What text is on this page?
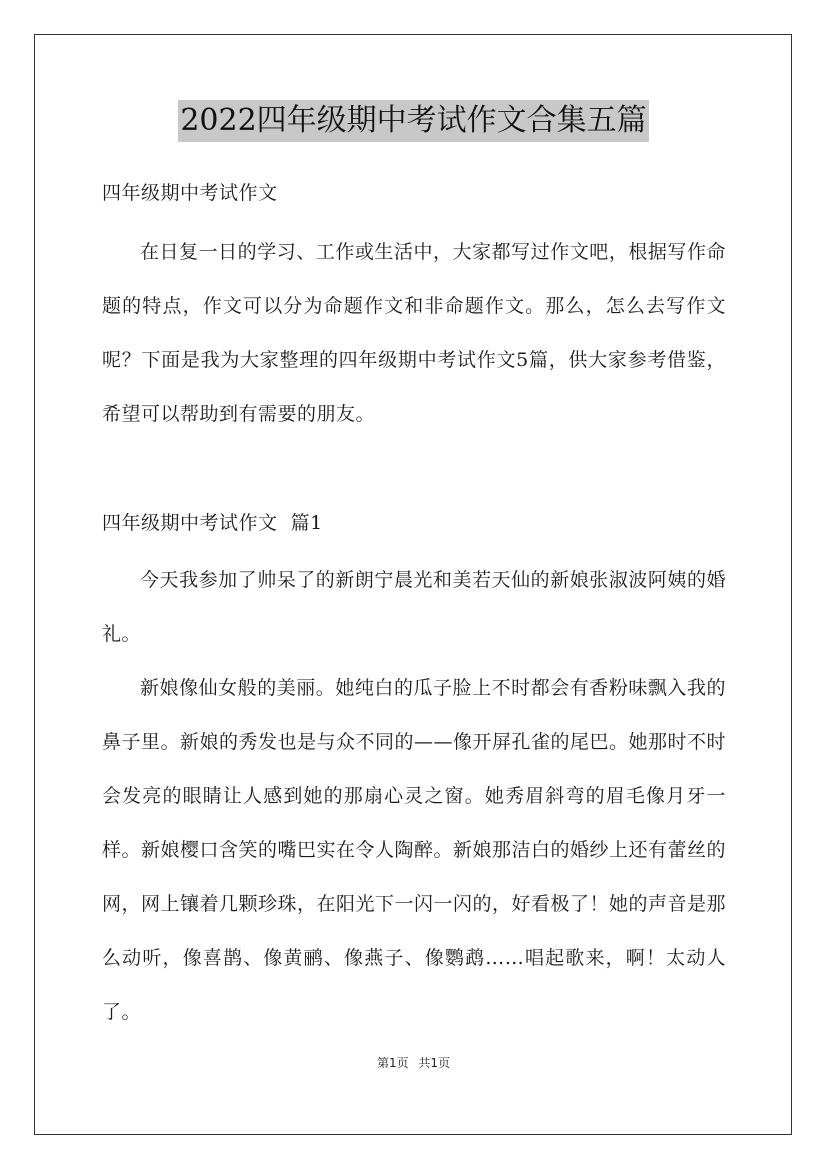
2022四年级期中考试作文合集五篇

四年级期中考试作文

在日复一日的学习、工作或生活中，大家都写过作文吧，根据写作命题的特点，作文可以分为命题作文和非命题作文。那么，怎么去写作文呢？下面是我为大家整理的四年级期中考试作文5篇，供大家参考借鉴，希望可以帮助到有需要的朋友。

四年级期中考试作文  篇1

今天我参加了帅呆了的新朗宁晨光和美若天仙的新娘张淑波阿姨的婚礼。

新娘像仙女般的美丽。她纯白的瓜子脸上不时都会有香粉味飘入我的鼻子里。新娘的秀发也是与众不同的——像开屏孔雀的尾巴。她那时不时会发亮的眼睛让人感到她的那扇心灵之窗。她秀眉斜弯的眉毛像月牙一样。新娘樱口含笑的嘴巴实在令人陶醉。新娘那洁白的婚纱上还有蕾丝的网，网上镶着几颗珍珠，在阳光下一闪一闪的，好看极了！她的声音是那么动听，像喜鹊、像黄鹂、像燕子、像鹦鹉……唱起歌来，啊！太动人了。

第1页 共1页
